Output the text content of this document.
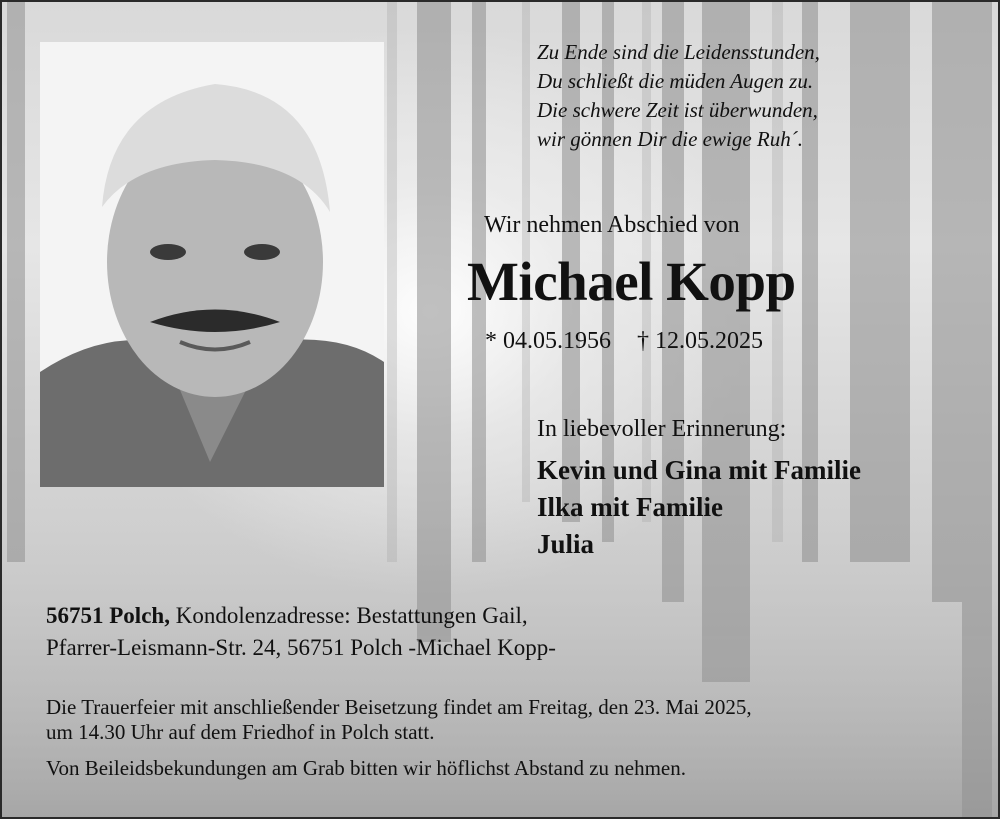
Zu Ende sind die Leidensstunden,
Du schließt die müden Augen zu.
Die schwere Zeit ist überwunden,
wir gönnen Dir die ewige Ruh´.
Wir nehmen Abschied von
Michael Kopp
* 04.05.1956 † 12.05.2025
In liebevoller Erinnerung:
Kevin und Gina mit Familie
Ilka mit Familie
Julia
56751 Polch, Kondolenzadresse: Bestattungen Gail,
Pfarrer-Leismann-Str. 24, 56751 Polch -Michael Kopp-
Die Trauerfeier mit anschließender Beisetzung findet am Freitag, den 23. Mai 2025,
um 14.30 Uhr auf dem Friedhof in Polch statt.
Von Beileidsbekundungen am Grab bitten wir höflichst Abstand zu nehmen.
